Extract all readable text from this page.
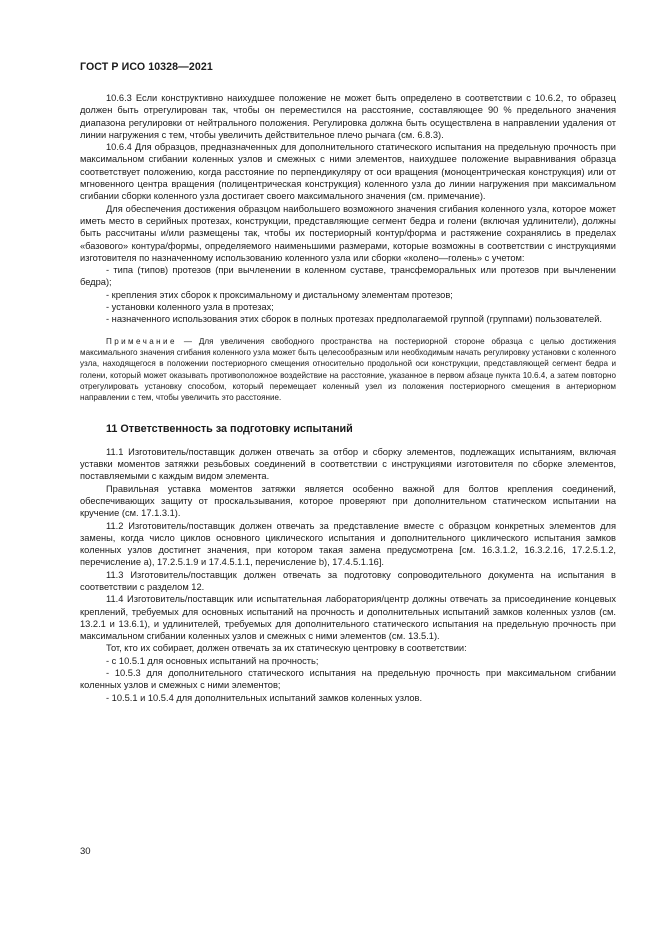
ГОСТ Р ИСО 10328—2021

10.6.3 Если конструктивно наихудшее положение не может быть определено в соответствии с 10.6.2, то образец должен быть отрегулирован так, чтобы он переместился на расстояние, составляющее 90 % предельного значения диапазона регулировки от нейтрального положения. Регулировка должна быть осуществлена в направлении удаления от линии нагружения с тем, чтобы увеличить действительное плечо рычага (см. 6.8.3).

10.6.4 Для образцов, предназначенных для дополнительного статического испытания на предельную прочность при максимальном сгибании коленных узлов и смежных с ними элементов, наихудшее положение выравнивания образца соответствует положению, когда расстояние по перпендикуляру от оси вращения (моноцентрическая конструкция) или от мгновенного центра вращения (полицентрическая конструкция) коленного узла до линии нагружения при максимальном сгибании сборки коленного узла достигает своего максимального значения (см. примечание).

Для обеспечения достижения образцом наибольшего возможного значения сгибания коленного узла, которое может иметь место в серийных протезах, конструкции, представляющие сегмент бедра и голени (включая удлинители), должны быть рассчитаны и/или размещены так, чтобы их постериорный контур/форма и растяжение сохранялись в пределах «базового» контура/формы, определяемого наименьшими размерами, которые возможны в соответствии с инструкциями изготовителя по назначенному использованию коленного узла или сборки «колено—голень» с учетом:

- типа (типов) протезов (при вычленении в коленном суставе, трансфеморальных или протезов при вычленении бедра);

- крепления этих сборок к проксимальному и дистальному элементам протезов;

- установки коленного узла в протезах;

- назначенного использования этих сборок в полных протезах предполагаемой группой (группами) пользователей.

Примечание — Для увеличения свободного пространства на постериорной стороне образца с целью достижения максимального значения сгибания коленного узла может быть целесообразным или необходимым начать регулировку установки с коленного узла, находящегося в положении постериорного смещения относительно продольной оси конструкции, представляющей сегмент бедра и голени, который может оказывать противоположное воздействие на расстояние, указанное в первом абзаце пункта 10.6.4, а затем повторно отрегулировать установку способом, который перемещает коленный узел из положения постериорного смещения в антериорном направлении с тем, чтобы увеличить это расстояние.

11 Ответственность за подготовку испытаний

11.1 Изготовитель/поставщик должен отвечать за отбор и сборку элементов, подлежащих испытаниям, включая уставки моментов затяжки резьбовых соединений в соответствии с инструкциями изготовителя по сборке элементов, поставляемыми с каждым видом элемента.

Правильная уставка моментов затяжки является особенно важной для болтов крепления соединений, обеспечивающих защиту от проскальзывания, которое проверяют при дополнительном статическом испытании на кручение (см. 17.1.3.1).

11.2 Изготовитель/поставщик должен отвечать за представление вместе с образцом конкретных элементов для замены, когда число циклов основного циклического испытания и дополнительного циклического испытания замков коленных узлов достигнет значения, при котором такая замена предусмотрена [см. 16.3.1.2, 16.3.2.16, 17.2.5.1.2, перечисление а), 17.2.5.1.9 и 17.4.5.1.1, перечисление b), 17.4.5.1.16].

11.3 Изготовитель/поставщик должен отвечать за подготовку сопроводительного документа на испытания в соответствии с разделом 12.

11.4 Изготовитель/поставщик или испытательная лаборатория/центр должны отвечать за присоединение концевых креплений, требуемых для основных испытаний на прочность и дополнительных испытаний замков коленных узлов (см. 13.2.1 и 13.6.1), и удлинителей, требуемых для дополнительного статического испытания на предельную прочность при максимальном сгибании коленных узлов и смежных с ними элементов (см. 13.5.1).

Тот, кто их собирает, должен отвечать за их статическую центровку в соответствии:

- с 10.5.1 для основных испытаний на прочность;

- 10.5.3 для дополнительного статического испытания на предельную прочность при максимальном сгибании коленных узлов и смежных с ними элементов;

- 10.5.1 и 10.5.4 для дополнительных испытаний замков коленных узлов.

30
